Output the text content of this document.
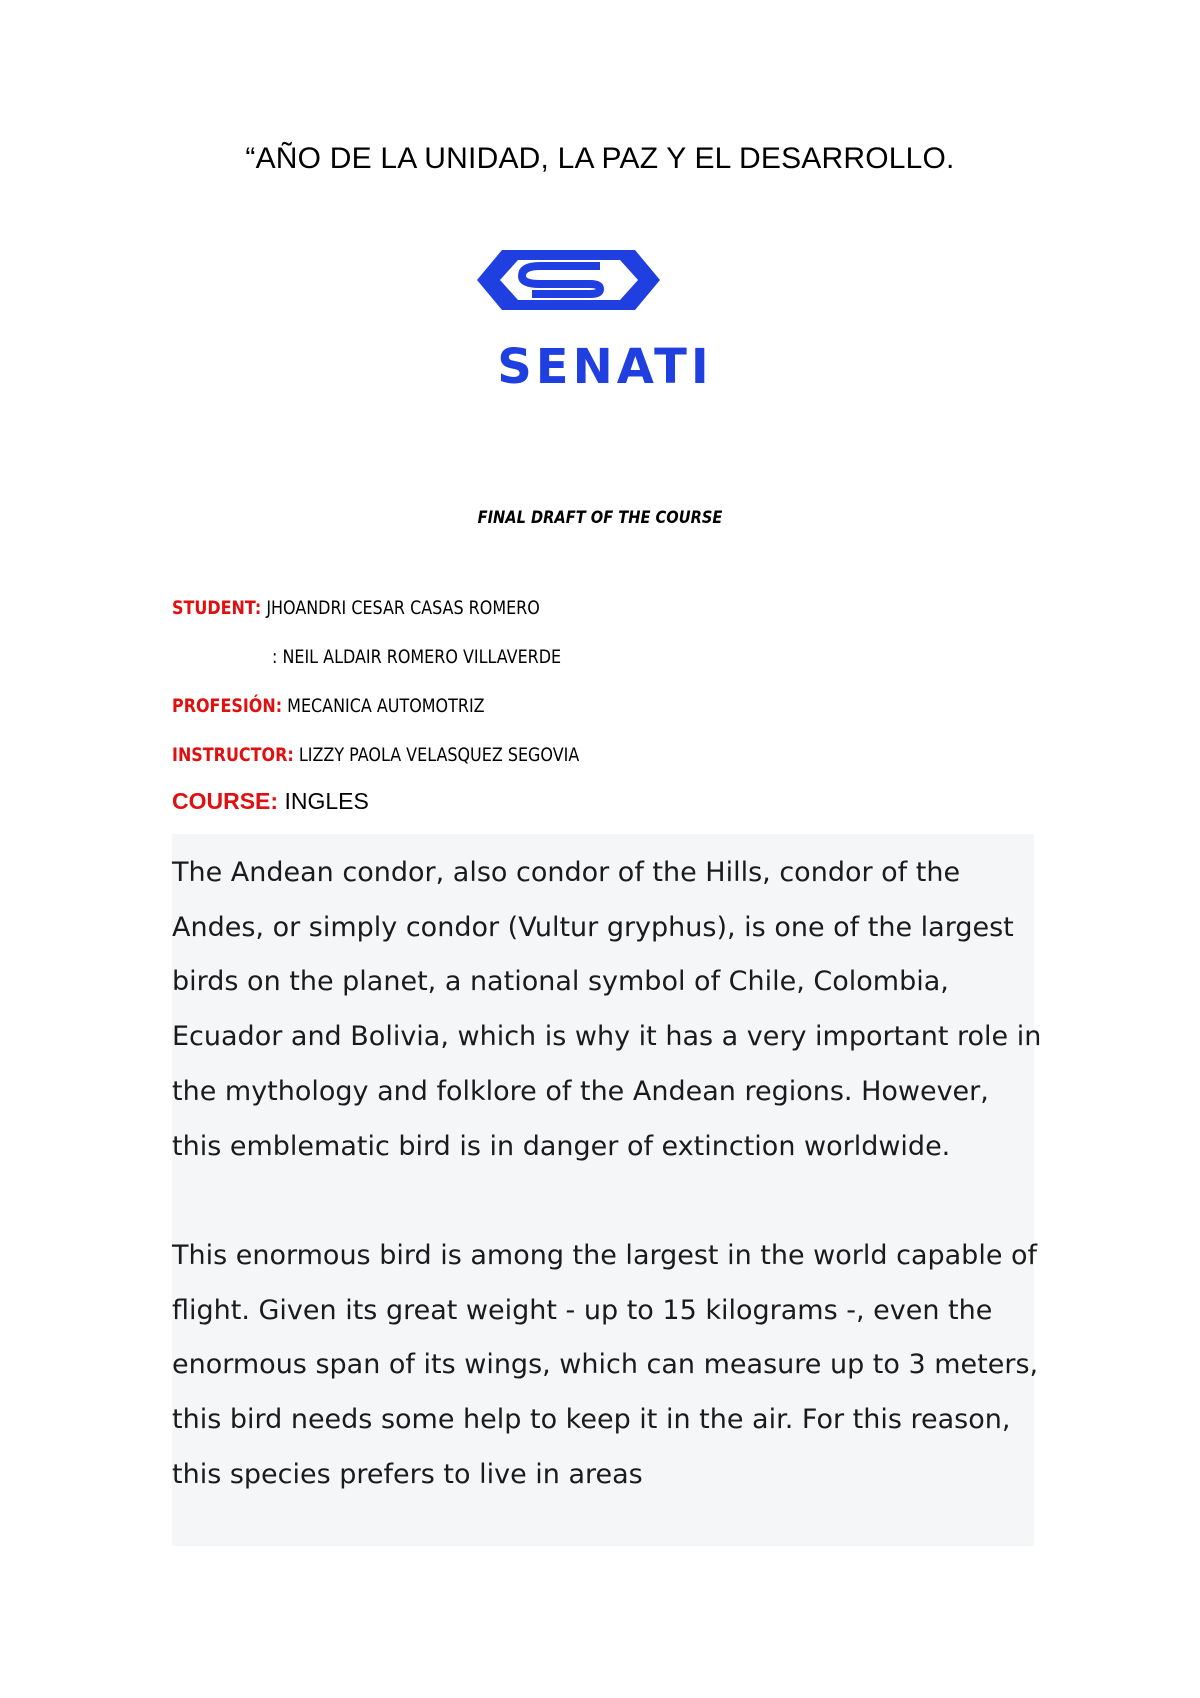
“AÑO DE LA UNIDAD, LA PAZ Y EL DESARROLLO.
SENATI
FINAL DRAFT OF THE COURSE
STUDENT: JHOANDRI CESAR CASAS ROMERO
: NEIL ALDAIR ROMERO VILLAVERDE
PROFESIÓN: MECANICA AUTOMOTRIZ
INSTRUCTOR: LIZZY PAOLA VELASQUEZ SEGOVIA
COURSE: INGLES

The Andean condor, also condor of the Hills, condor of the Andes, or simply condor (Vultur gryphus), is one of the largest birds on the planet, a national symbol of Chile, Colombia, Ecuador and Bolivia, which is why it has a very important role in the mythology and folklore of the Andean regions. However, this emblematic bird is in danger of extinction worldwide.

This enormous bird is among the largest in the world capable of flight. Given its great weight - up to 15 kilograms -, even the enormous span of its wings, which can measure up to 3 meters, this bird needs some help to keep it in the air. For this reason, this species prefers to live in areas
